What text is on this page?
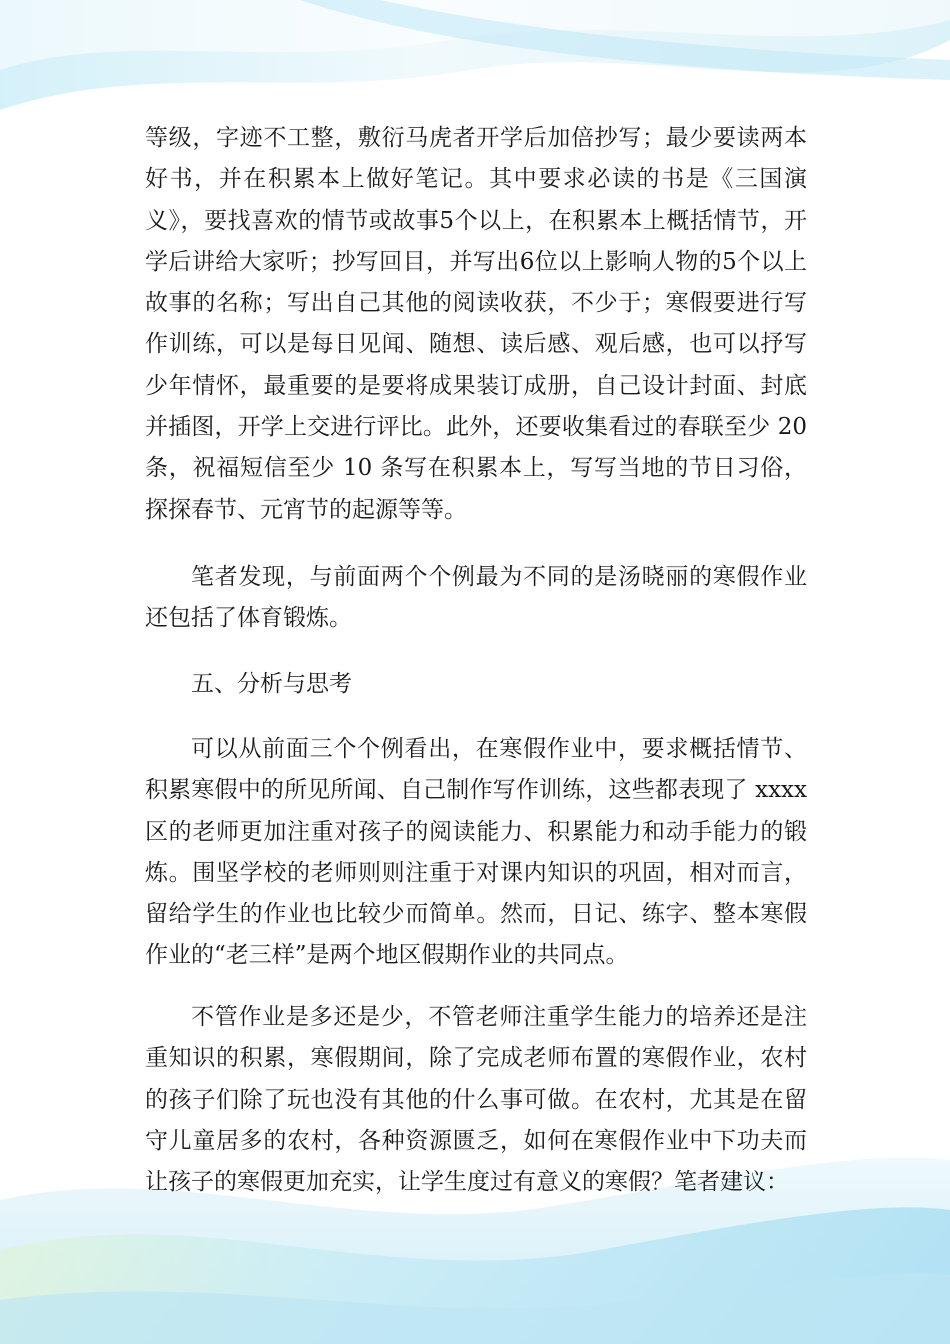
等级，字迹不工整，敷衍马虎者开学后加倍抄写；最少要读两本好书，并在积累本上做好笔记。其中要求必读的书是《三国演义》，要找喜欢的情节或故事5个以上，在积累本上概括情节，开学后讲给大家听；抄写回目，并写出6位以上影响人物的5个以上故事的名称；写出自己其他的阅读收获，不少于；寒假要进行写作训练，可以是每日见闻、随想、读后感、观后感，也可以抒写少年情怀，最重要的是要将成果装订成册，自己设计封面、封底并插图，开学上交进行评比。此外，还要收集看过的春联至少 20条，祝福短信至少 10 条写在积累本上，写写当地的节日习俗，探探春节、元宵节的起源等等。

笔者发现，与前面两个个例最为不同的是汤晓丽的寒假作业还包括了体育锻炼。

五、分析与思考

可以从前面三个个例看出，在寒假作业中，要求概括情节、积累寒假中的所见所闻、自己制作写作训练，这些都表现了 xxxx区的老师更加注重对孩子的阅读能力、积累能力和动手能力的锻炼。围坚学校的老师则则注重于对课内知识的巩固，相对而言，留给学生的作业也比较少而简单。然而，日记、练字、整本寒假作业的“老三样”是两个地区假期作业的共同点。

不管作业是多还是少，不管老师注重学生能力的培养还是注重知识的积累，寒假期间，除了完成老师布置的寒假作业，农村的孩子们除了玩也没有其他的什么事可做。在农村，尤其是在留守儿童居多的农村，各种资源匮乏，如何在寒假作业中下功夫而让孩子的寒假更加充实，让学生度过有意义的寒假？笔者建议：
